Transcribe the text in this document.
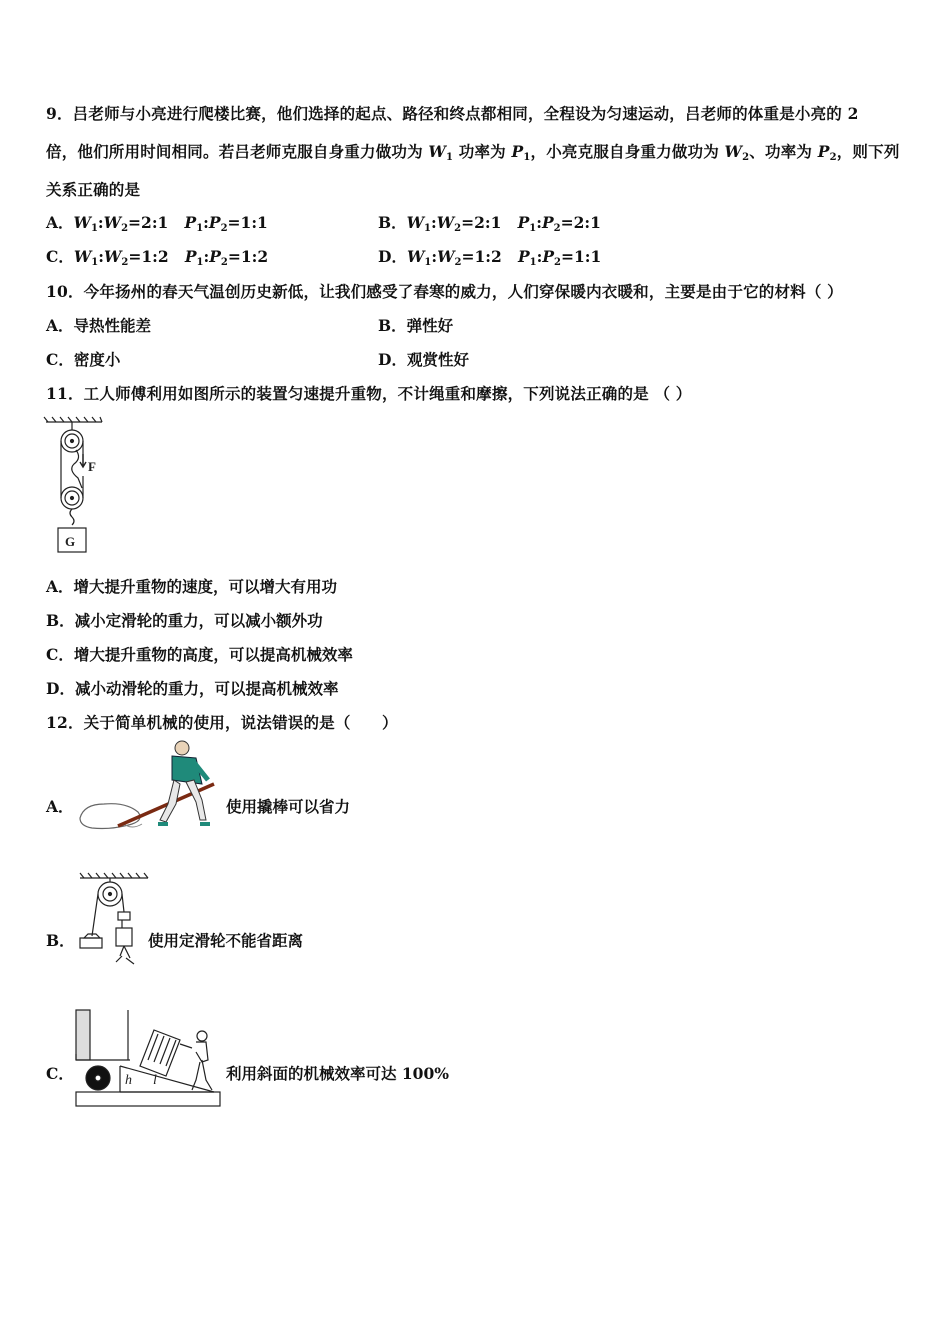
9．吕老师与小亮进行爬楼比赛，他们选择的起点、路径和终点都相同，全程设为匀速运动，吕老师的体重是小亮的 2
倍，他们所用时间相同。若吕老师克服自身重力做功为 $W_1$ 功率为 $P_1$，小亮克服自身重力做功为 $W_2$、功率为 $P_2$，则下列
关系正确的是
A．$W_1:W_2=2:1$ $P_1:P_2=1:1$	B．$W_1:W_2=2:1$ $P_1:P_2=2:1$
C．$W_1:W_2=1:2$ $P_1:P_2=1:2$	D．$W_1:W_2=1:2$ $P_1:P_2=1:1$
10．今年扬州的春天气温创历史新低，让我们感受了春寒的威力，人们穿保暖内衣暖和，主要是由于它的材料（ ）
A．导热性能差	B．弹性好
C．密度小	D．观赏性好
11．工人师傅利用如图所示的装置匀速提升重物，不计绳重和摩擦，下列说法正确的是 （ ）
F
G
A．增大提升重物的速度，可以增大有用功
B．减小定滑轮的重力，可以减小额外功
C．增大提升重物的高度，可以提高机械效率
D．减小动滑轮的重力，可以提高机械效率
12．关于简单机械的使用，说法错误的是（　　）
A．	使用撬棒可以省力
B．	使用定滑轮不能省距离
C．	h l	利用斜面的机械效率可达 100%
